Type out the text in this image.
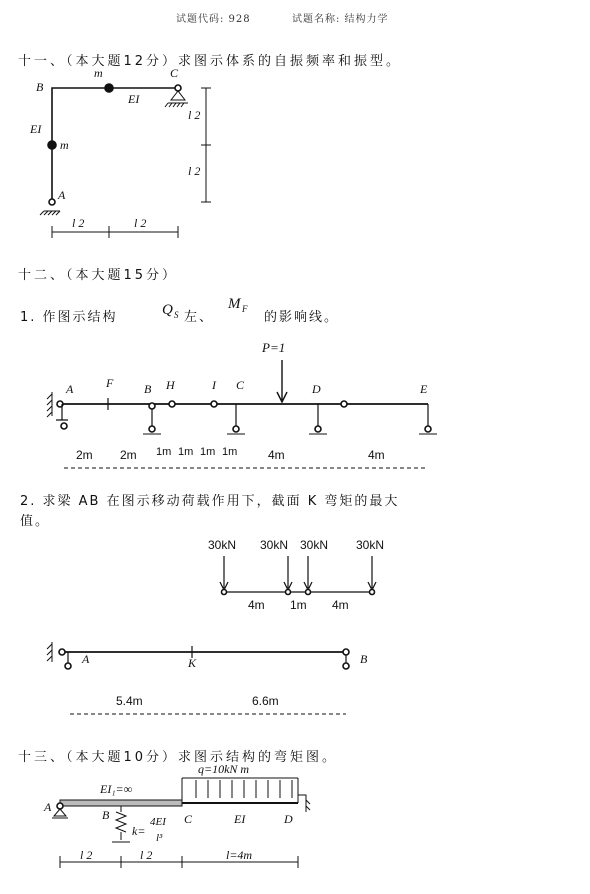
试题代码: 928	试题名称: 结构力学
十一、（本大题12分）求图示体系的自振频率和振型。
B
C
A
m
m
EI
EI
l 2
l 2
l 2	l 2
十二、（本大题15分）
1. 作图示结构	Q S 左、
M F
的影响线。
A	F	B H	I C	D	E
P=1
2m 2m 1m 1m 1m 1m	4m	4m
2. 求梁 AB 在图示移动荷载作用下，截面 K 弯矩的最大
值。
30kN 30kN 30kN 30kN
4m 1m 4m
A	K	B
5.4m	6.6m
十三、（本大题10分）求图示结构的弯矩图。
A
B	C	D
EI₁=∞
EI
q=10kN m
k=
4EI
l³
l 2	l 2	l=4m
